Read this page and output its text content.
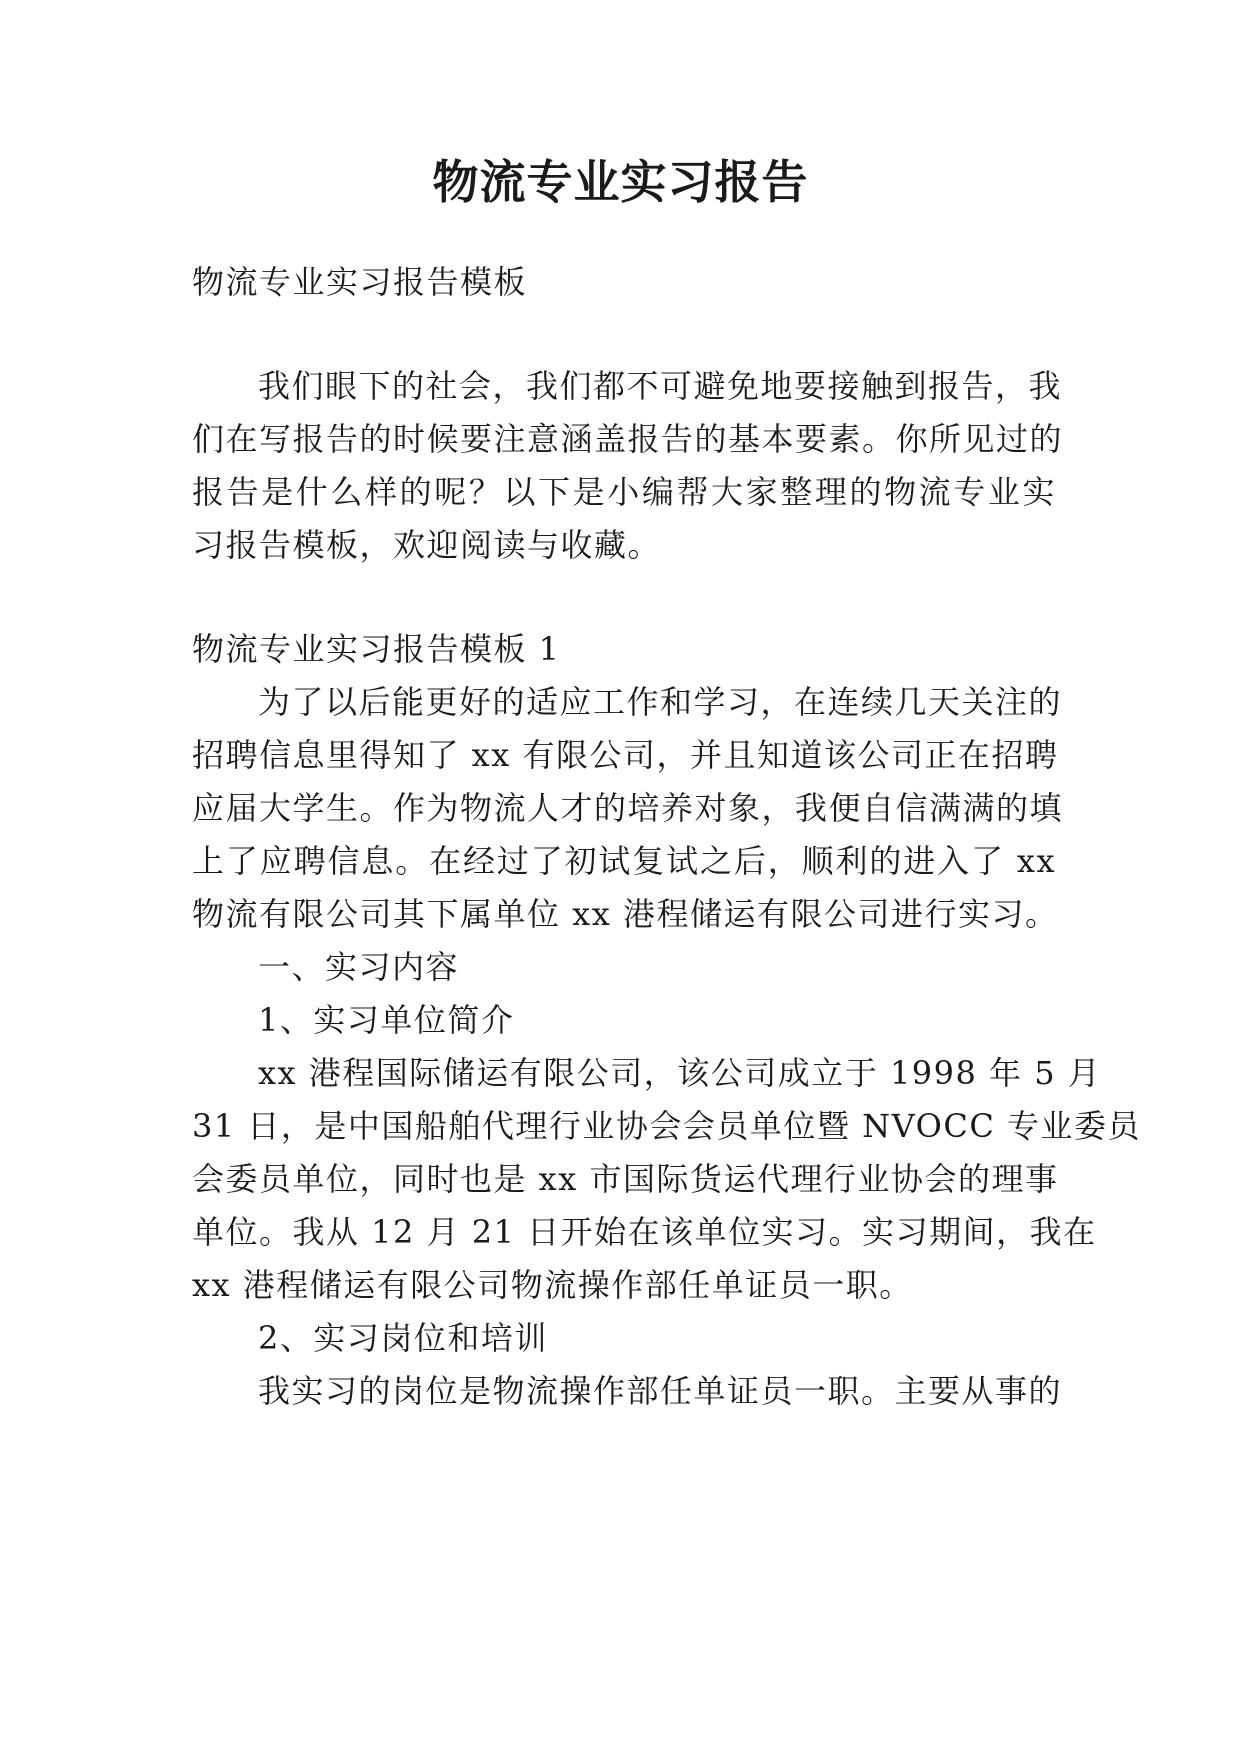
物流专业实习报告
物流专业实习报告模板
我们眼下的社会，我们都不可避免地要接触到报告，我
们在写报告的时候要注意涵盖报告的基本要素。你所见过的
报告是什么样的呢？以下是小编帮大家整理的物流专业实
习报告模板，欢迎阅读与收藏。
物流专业实习报告模板 1
为了以后能更好的适应工作和学习，在连续几天关注的
招聘信息里得知了 xx 有限公司，并且知道该公司正在招聘
应届大学生。作为物流人才的培养对象，我便自信满满的填
上了应聘信息。在经过了初试复试之后，顺利的进入了 xx
物流有限公司其下属单位 xx 港程储运有限公司进行实习。
一、实习内容
1、实习单位简介
xx 港程国际储运有限公司，该公司成立于 1998 年 5 月
31 日，是中国船舶代理行业协会会员单位暨 NVOCC 专业委员
会委员单位，同时也是 xx 市国际货运代理行业协会的理事
单位。我从 12 月 21 日开始在该单位实习。实习期间，我在
xx 港程储运有限公司物流操作部任单证员一职。
2、实习岗位和培训
我实习的岗位是物流操作部任单证员一职。主要从事的
